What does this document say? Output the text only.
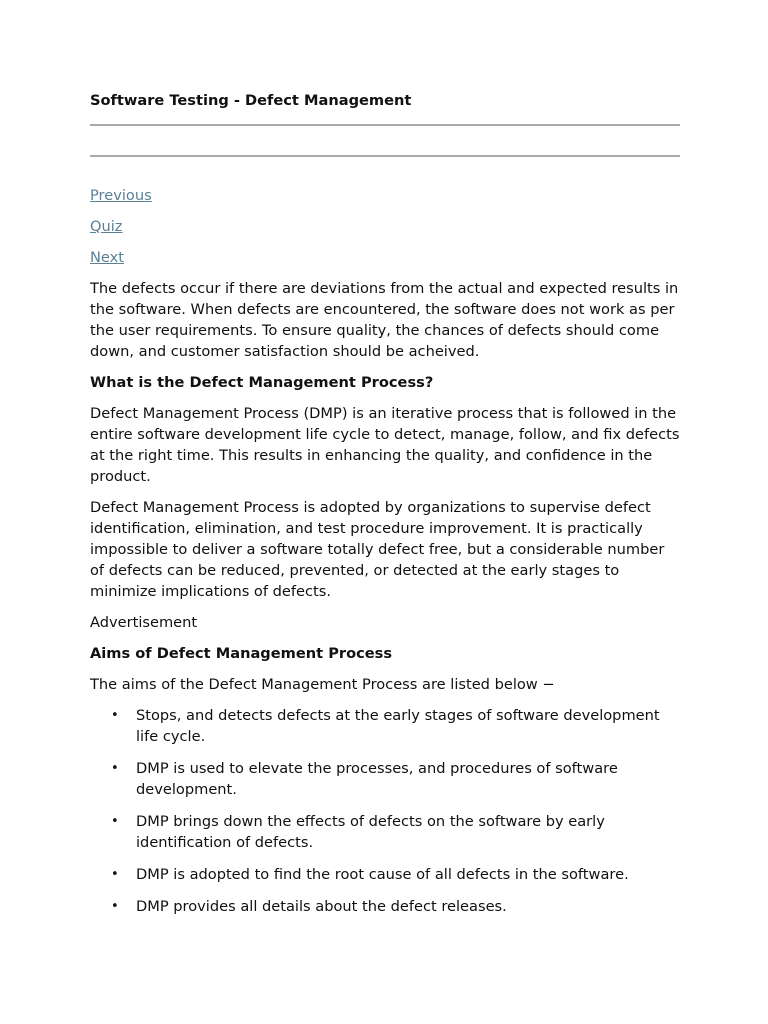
Software Testing - Defect Management
Previous
Quiz
Next

The defects occur if there are deviations from the actual and expected results in the software. When defects are encountered, the software does not work as per the user requirements. To ensure quality, the chances of defects should come down, and customer satisfaction should be acheived.

What is the Defect Management Process?

Defect Management Process (DMP) is an iterative process that is followed in the entire software development life cycle to detect, manage, follow, and fix defects at the right time. This results in enhancing the quality, and confidence in the product.

Defect Management Process is adopted by organizations to supervise defect identification, elimination, and test procedure improvement. It is practically impossible to deliver a software totally defect free, but a considerable number of defects can be reduced, prevented, or detected at the early stages to minimize implications of defects.

Advertisement

Aims of Defect Management Process

The aims of the Defect Management Process are listed below −

• Stops, and detects defects at the early stages of software development life cycle.
• DMP is used to elevate the processes, and procedures of software development.
• DMP brings down the effects of defects on the software by early identification of defects.
• DMP is adopted to find the root cause of all defects in the software.
• DMP provides all details about the defect releases.
